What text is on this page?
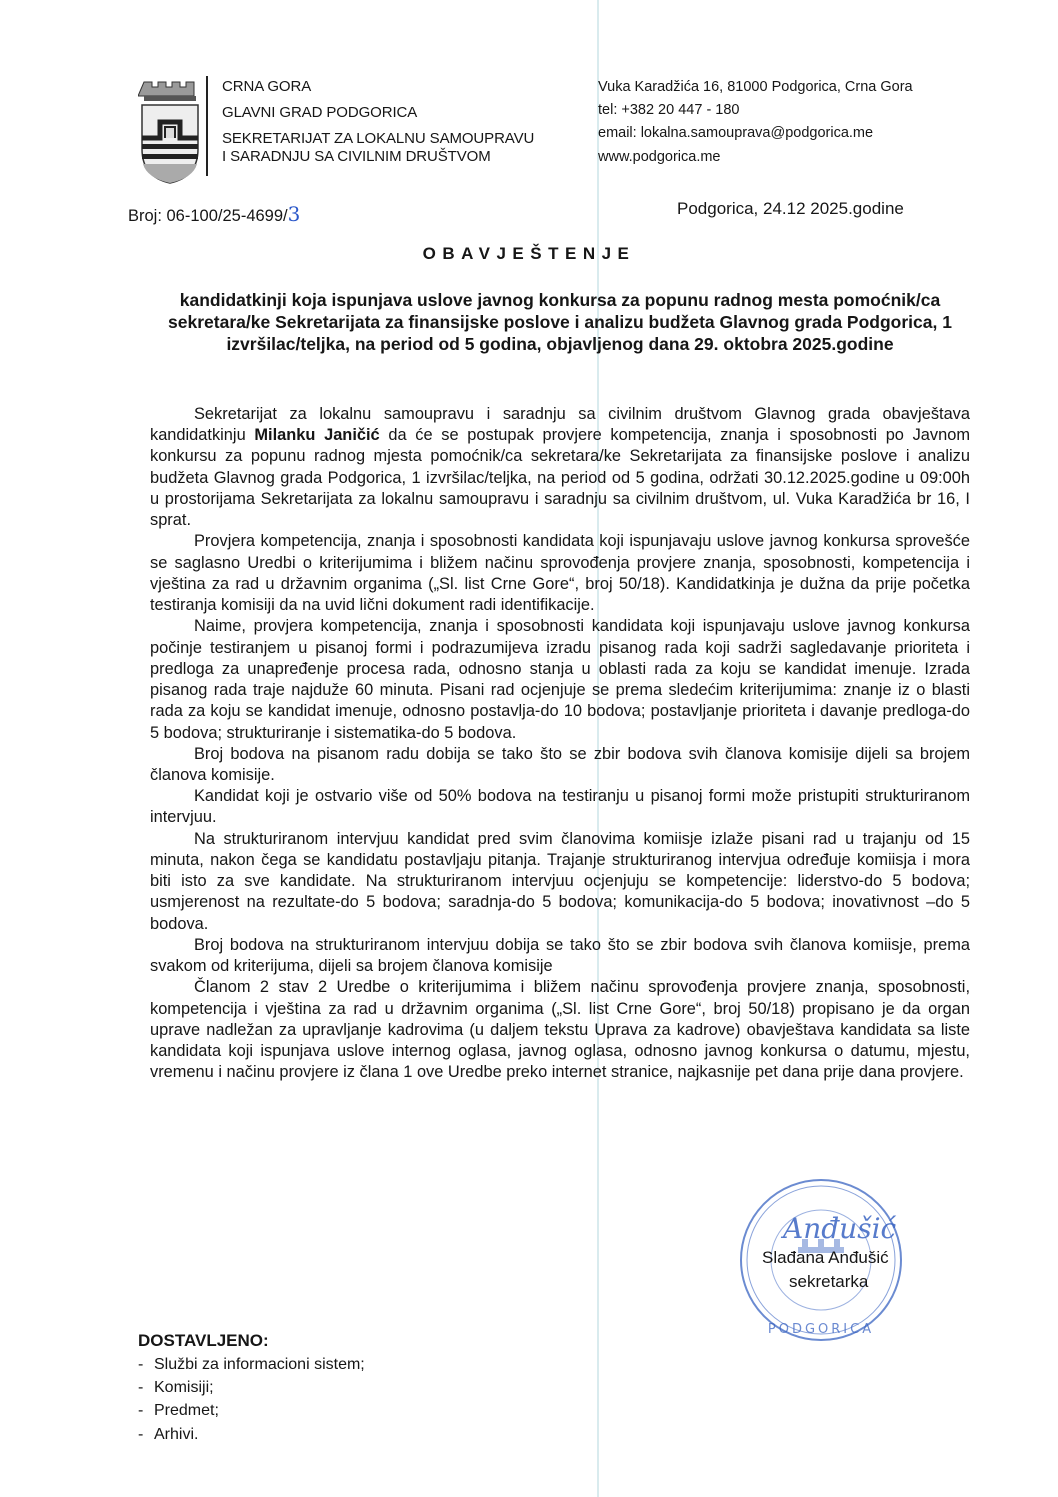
CRNA GORA
GLAVNI GRAD PODGORICA
SEKRETARIJAT ZA LOKALNU SAMOUPRAVU
I SARADNJU SA CIVILNIM DRUŠTVOM
Vuka Karadžića 16, 81000 Podgorica, Crna Gora
tel: +382 20 447 - 180
email: lokalna.samouprava@podgorica.me
www.podgorica.me
Broj: 06-100/25-4699/3	Podgorica, 24.12 2025.godine
OBAVJEŠTENJE
kandidatkinji koja ispunjava uslove javnog konkursa za popunu radnog mesta pomoćnik/ca sekretara/ke Sekretarijata za finansijske poslove i analizu budžeta Glavnog grada Podgorica, 1 izvršilac/teljka, na period od 5 godina, objavljenog dana 29. oktobra 2025.godine

Sekretarijat za lokalnu samoupravu i saradnju sa civilnim društvom Glavnog grada obavještava kandidatkinju Milanku Janičić da će se postupak provjere kompetencija, znanja i sposobnosti po Javnom konkursu za popunu radnog mjesta pomoćnik/ca sekretara/ke Sekretarijata za finansijske poslove i analizu budžeta Glavnog grada Podgorica, 1 izvršilac/teljka, na period od 5 godina, održati 30.12.2025.godine u 09:00h u prostorijama Sekretarijata za lokalnu samoupravu i saradnju sa civilnim društvom, ul. Vuka Karadžića br 16, I sprat.

Provjera kompetencija, znanja i sposobnosti kandidata koji ispunjavaju uslove javnog konkursa sprovešće se saglasno Uredbi o kriterijumima i bližem načinu sprovođenja provjere znanja, sposobnosti, kompetencija i vještina za rad u državnim organima („Sl. list Crne Gore“, broj 50/18). Kandidatkinja je dužna da prije početka testiranja komisiji da na uvid lični dokument radi identifikacije.

Naime, provjera kompetencija, znanja i sposobnosti kandidata koji ispunjavaju uslove javnog konkursa počinje testiranjem u pisanoj formi i podrazumijeva izradu pisanog rada koji sadrži sagledavanje prioriteta i predloga za unapređenje procesa rada, odnosno stanja u oblasti rada za koju se kandidat imenuje. Izrada pisanog rada traje najduže 60 minuta. Pisani rad ocjenjuje se prema sledećim kriterijumima: znanje iz o blasti rada za koju se kandidat imenuje, odnosno postavlja-do 10 bodova; postavljanje prioriteta i davanje predloga-do 5 bodova; strukturiranje i sistematika-do 5 bodova.

Broj bodova na pisanom radu dobija se tako što se zbir bodova svih članova komisije dijeli sa brojem članova komisije.

Kandidat koji je ostvario više od 50% bodova na testiranju u pisanoj formi može pristupiti strukturiranom intervjuu.

Na strukturiranom intervjuu kandidat pred svim članovima komiisje izlaže pisani rad u trajanju od 15 minuta, nakon čega se kandidatu postavljaju pitanja. Trajanje strukturiranog intervjua određuje komiisja i mora biti isto za sve kandidate. Na strukturiranom intervjuu ocjenjuju se kompetencije: liderstvo-do 5 bodova; usmjerenost na rezultate-do 5 bodova; saradnja-do 5 bodova; komunikacija-do 5 bodova; inovativnost –do 5 bodova.

Broj bodova na strukturiranom intervjuu dobija se tako što se zbir bodova svih članova komiisje, prema svakom od kriterijuma, dijeli sa brojem članova komisije

Članom 2 stav 2 Uredbe o kriterijumima i bližem načinu sprovođenja provjere znanja, sposobnosti, kompetencija i vještina za rad u državnim organima („Sl. list Crne Gore“, broj 50/18) propisano je da organ uprave nadležan za upravljanje kadrovima (u daljem tekstu Uprava za kadrove) obavještava kandidata sa liste kandidata koji ispunjava uslove internog oglasa, javnog oglasa, odnosno javnog konkursa o datumu, mjestu, vremenu i načinu provjere iz člana 1 ove Uredbe preko internet stranice, najkasnije pet dana prije dana provjere.

PODGORICA
Anđušić
Slađana Anđušić
sekretarka
DOSTAVLJENO:
- Službi za informacioni sistem;
- Komisiji;
- Predmet;
- Arhivi.
